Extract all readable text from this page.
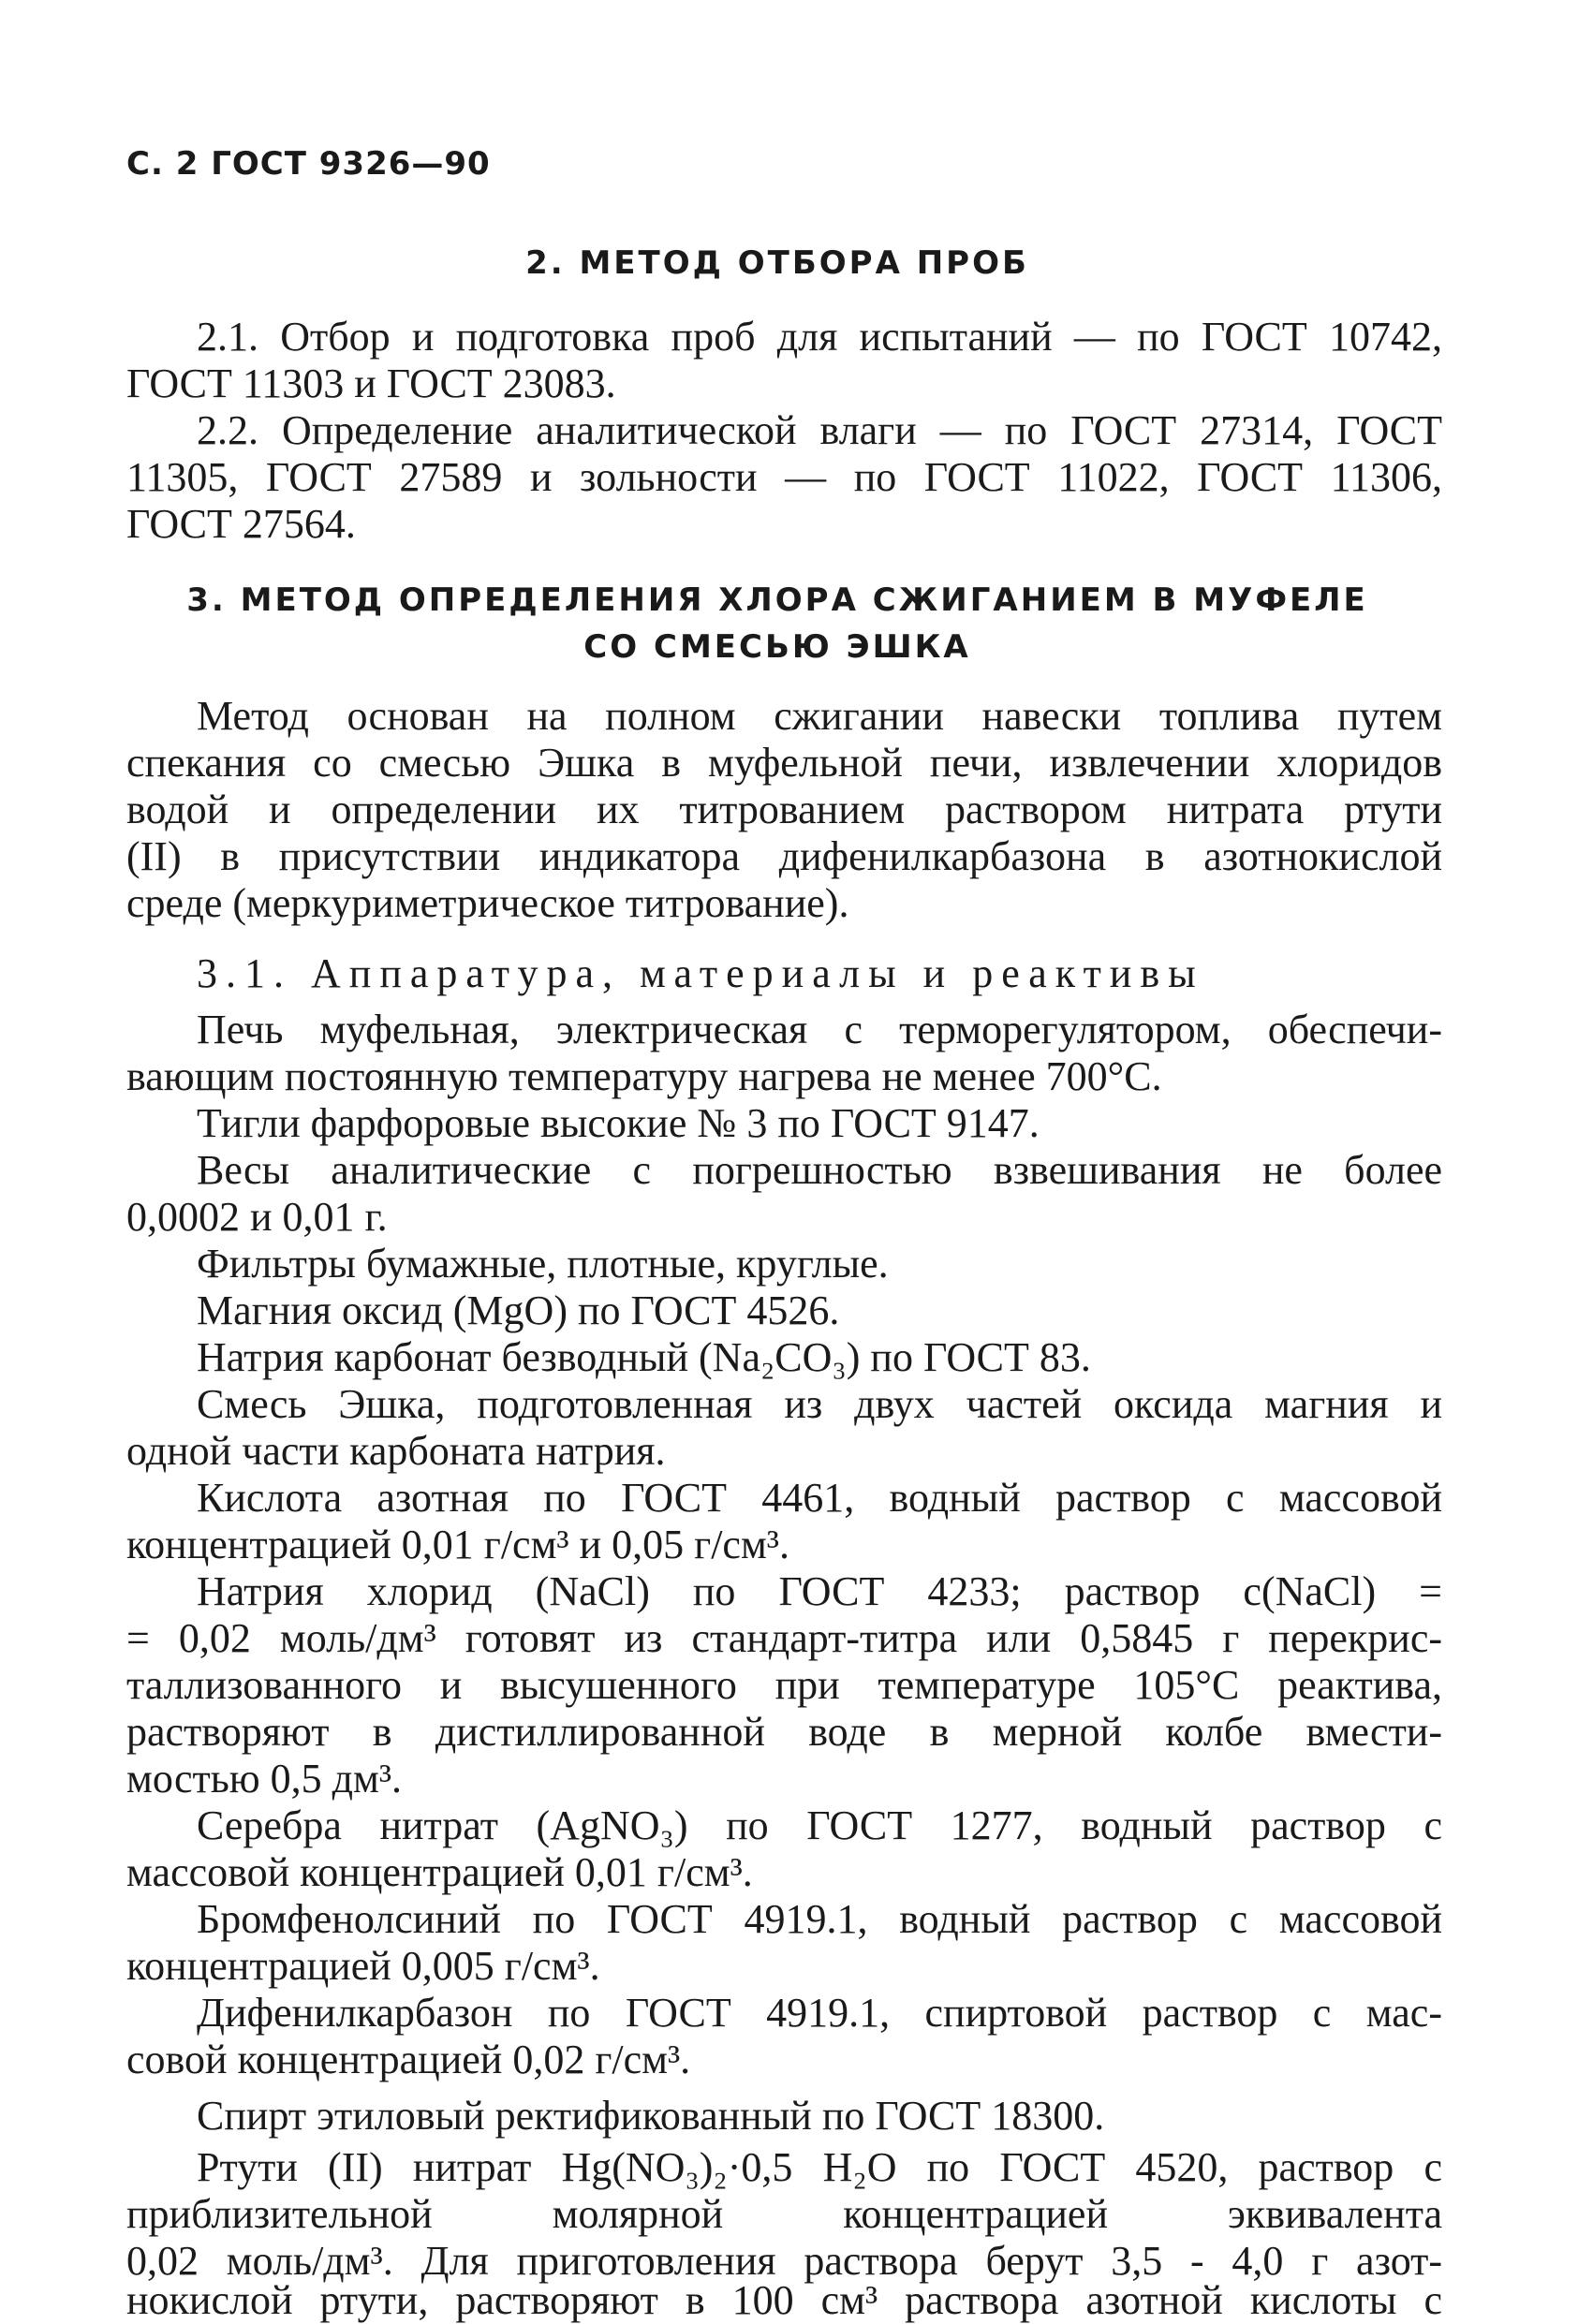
С. 2 ГОСТ 9326—90
2. МЕТОД ОТБОРА ПРОБ
2.1. Отбор и подготовка проб для испытаний — по ГОСТ 10742,
ГОСТ 11303 и ГОСТ 23083.
2.2. Определение аналитической влаги — по ГОСТ 27314, ГОСТ
11305, ГОСТ 27589 и зольности — по ГОСТ 11022, ГОСТ 11306,
ГОСТ 27564.
3. МЕТОД ОПРЕДЕЛЕНИЯ ХЛОРА СЖИГАНИЕМ В МУФЕЛЕ
СО СМЕСЬЮ ЭШКА
Метод основан на полном сжигании навески топлива путем
спекания со смесью Эшка в муфельной печи, извлечении хлоридов
водой и определении их титрованием раствором нитрата ртути
(II) в присутствии индикатора дифенилкарбазона в азотнокислой
среде (меркуриметрическое титрование).
3.1. Аппаратура, материалы и реактивы
Печь муфельная, электрическая с терморегулятором, обеспечи-
вающим постоянную температуру нагрева не менее 700°С.
Тигли фарфоровые высокие № 3 по ГОСТ 9147.
Весы аналитические с погрешностью взвешивания не более
0,0002 и 0,01 г.
Фильтры бумажные, плотные, круглые.
Магния оксид (MgO) по ГОСТ 4526.
Натрия карбонат безводный (Na₂CO₃) по ГОСТ 83.
Смесь Эшка, подготовленная из двух частей оксида магния и
одной части карбоната натрия.
Кислота азотная по ГОСТ 4461, водный раствор с массовой
концентрацией 0,01 г/см³ и 0,05 г/см³.
Натрия хлорид (NaCl) по ГОСТ 4233; раствор c(NaCl) =
= 0,02 моль/дм³ готовят из стандарт-титра или 0,5845 г перекрис-
таллизованного и высушенного при температуре 105°С реактива,
растворяют в дистиллированной воде в мерной колбе вмести-
мостью 0,5 дм³.
Серебра нитрат (AgNO₃) по ГОСТ 1277, водный раствор с
массовой концентрацией 0,01 г/см³.
Бромфенолсиний по ГОСТ 4919.1, водный раствор с массовой
концентрацией 0,005 г/см³.
Дифенилкарбазон по ГОСТ 4919.1, спиртовой раствор с мас-
совой концентрацией 0,02 г/см³.
Спирт этиловый ректификованный по ГОСТ 18300.
Ртути (II) нитрат Hg(NO₃)₂·0,5 H₂O по ГОСТ 4520, раствор с
приблизительной молярной концентрацией эквивалента
0,02 моль/дм³. Для приготовления раствора берут 3,5 - 4,0 г азот-
нокислой ртути, растворяют в 100 см³ раствора азотной кислоты с
